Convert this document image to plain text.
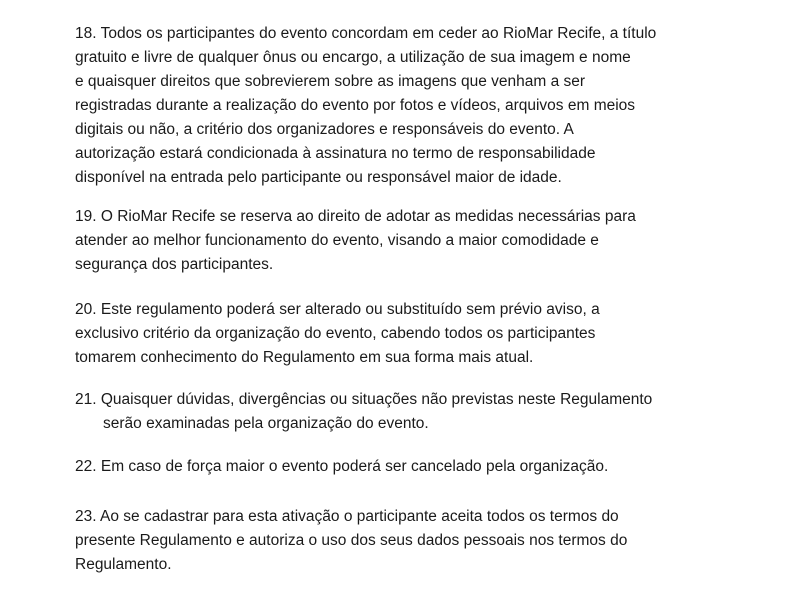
18. Todos os participantes do evento concordam em ceder ao RioMar Recife, a título
gratuito e livre de qualquer ônus ou encargo, a utilização de sua imagem e nome
e quaisquer direitos que sobrevierem sobre as imagens que venham a ser
registradas durante a realização do evento por fotos e vídeos, arquivos em meios
digitais ou não, a critério dos organizadores e responsáveis do evento. A
autorização estará condicionada à assinatura no termo de responsabilidade
disponível na entrada pelo participante ou responsável maior de idade.
19. O RioMar Recife se reserva ao direito de adotar as medidas necessárias para
atender ao melhor funcionamento do evento, visando a maior comodidade e
segurança dos participantes.
20. Este regulamento poderá ser alterado ou substituído sem prévio aviso, a
exclusivo critério da organização do evento, cabendo todos os participantes
tomarem conhecimento do Regulamento em sua forma mais atual.
21. Quaisquer dúvidas, divergências ou situações não previstas neste Regulamento
serão examinadas pela organização do evento.
22. Em caso de força maior o evento poderá ser cancelado pela organização.
23. Ao se cadastrar para esta ativação o participante aceita todos os termos do
presente Regulamento e autoriza o uso dos seus dados pessoais nos termos do
Regulamento.
